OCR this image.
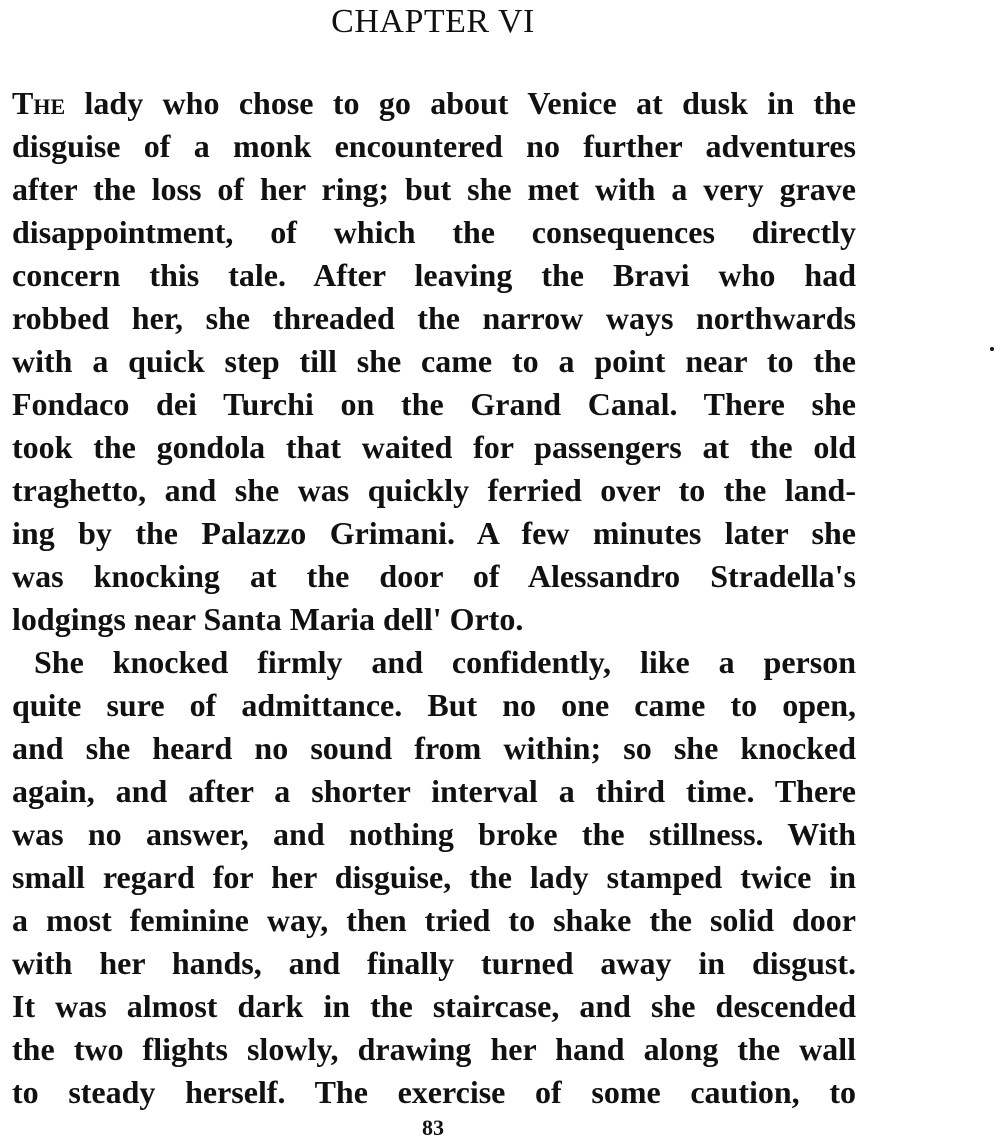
CHAPTER VI
The lady who chose to go about Venice at dusk in the
disguise of a monk encountered no further adventures
after the loss of her ring; but she met with a very grave
disappointment, of which the consequences directly
concern this tale. After leaving the Bravi who had
robbed her, she threaded the narrow ways northwards
with a quick step till she came to a point near to the
Fondaco dei Turchi on the Grand Canal. There she
took the gondola that waited for passengers at the old
traghetto, and she was quickly ferried over to the land-
ing by the Palazzo Grimani. A few minutes later she
was knocking at the door of Alessandro Stradella's
lodgings near Santa Maria dell' Orto.
She knocked firmly and confidently, like a person
quite sure of admittance. But no one came to open,
and she heard no sound from within; so she knocked
again, and after a shorter interval a third time. There
was no answer, and nothing broke the stillness. With
small regard for her disguise, the lady stamped twice in
a most feminine way, then tried to shake the solid door
with her hands, and finally turned away in disgust.
It was almost dark in the staircase, and she descended
the two flights slowly, drawing her hand along the wall
to steady herself. The exercise of some caution, to
83
